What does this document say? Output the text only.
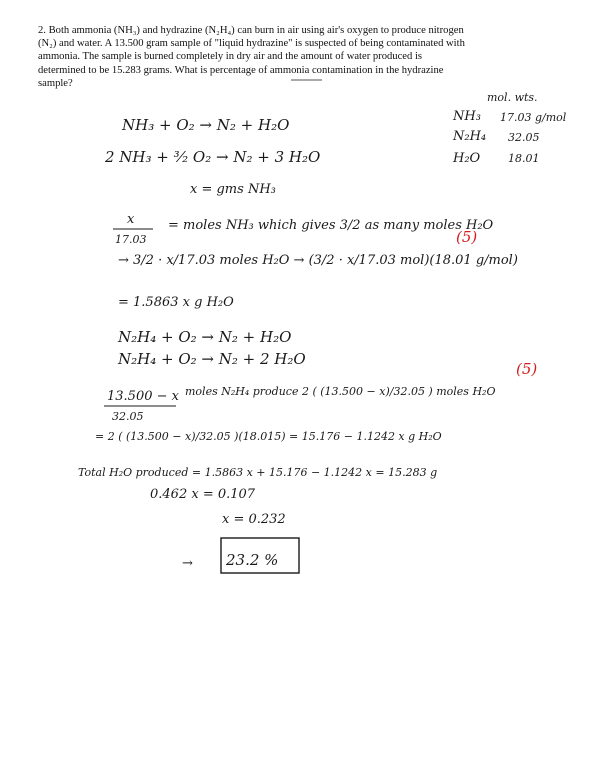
2. Both ammonia (NH₃) and hydrazine (N₂H₄) can burn in air using air's oxygen to produce nitrogen

(N₂) and water. A 13.500 gram sample of "liquid hydrazine" is suspected of being contaminated with

ammonia. The sample is burned completely in dry air and the amount of water produced is

determined to be 15.283 grams. What is percentage of ammonia contamination in the hydrazine

sample?

mol. wts.
NH₃ 17.03 g/mol
N₂H₄ 32.05
H₂O	18.01
NH₃ + O₂ → N₂ + H₂O
2 NH₃ + ³⁄₂ O₂ → N₂ + 3 H₂O
x = gms NH₃
x
17.03
= moles NH₃ which gives 3/2 as many moles H₂O
→ 3/2 · x/17.03 moles H₂O → (3/2 · x/17.03 mol)(18.01 g/mol)
(5)
= 1.5863 x g H₂O
N₂H₄ + O₂ → N₂ + H₂O
N₂H₄ + O₂ → N₂ + 2 H₂O
13.500 − x
32.05
moles N₂H₄ produce 2 ( (13.500 − x)/32.05 ) moles H₂O
(5)
= 2 ( (13.500 − x)/32.05 )(18.015) = 15.176 − 1.1242 x g H₂O
Total H₂O produced = 1.5863 x + 15.176 − 1.1242 x = 15.283 g
0.462 x = 0.107
x = 0.232
→ 23.2 %
